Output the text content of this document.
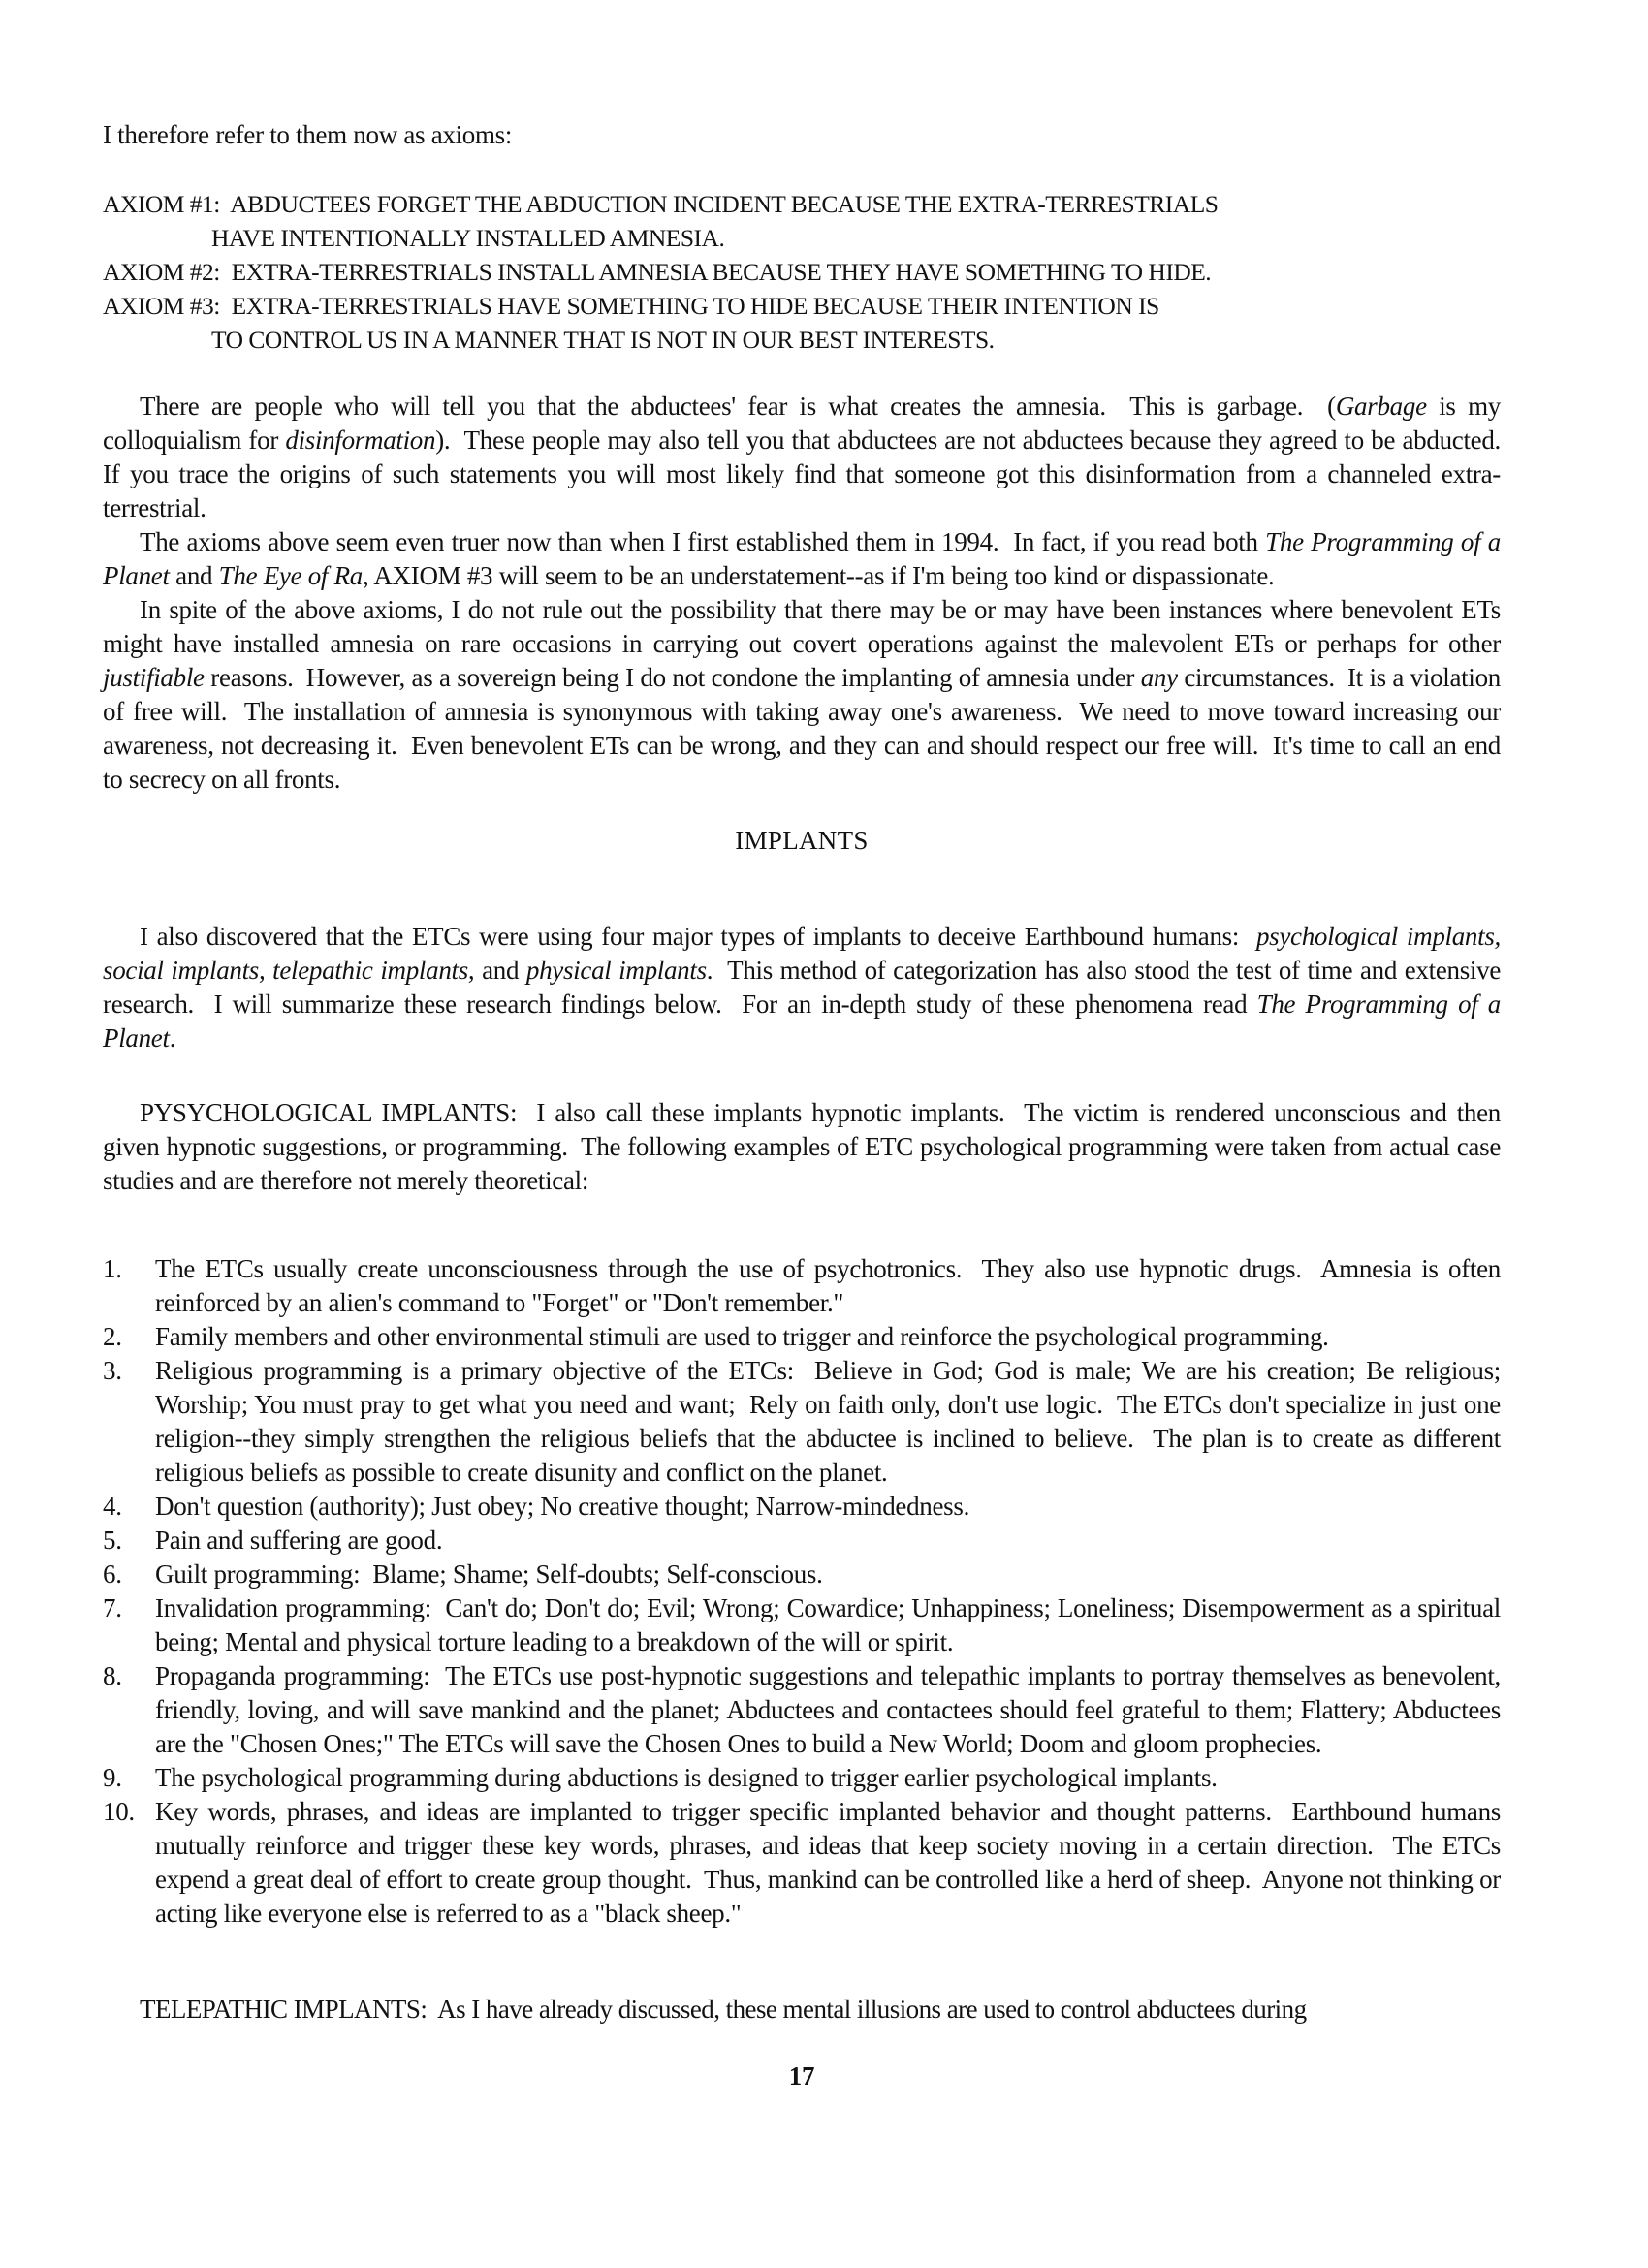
I therefore refer to them now as axioms:
AXIOM #1:  ABDUCTEES FORGET THE ABDUCTION INCIDENT BECAUSE THE EXTRA-TERRESTRIALS
HAVE INTENTIONALLY INSTALLED AMNESIA.
AXIOM #2:  EXTRA-TERRESTRIALS INSTALL AMNESIA BECAUSE THEY HAVE SOMETHING TO HIDE.
AXIOM #3:  EXTRA-TERRESTRIALS HAVE SOMETHING TO HIDE BECAUSE THEIR INTENTION IS
TO CONTROL US IN A MANNER THAT IS NOT IN OUR BEST INTERESTS.
There are people who will tell you that the abductees' fear is what creates the amnesia.  This is garbage.  (Garbage is my colloquialism for disinformation).  These people may also tell you that abductees are not abductees because they agreed to be abducted.  If you trace the origins of such statements you will most likely find that someone got this disinformation from a channeled extra-terrestrial.
The axioms above seem even truer now than when I first established them in 1994.  In fact, if you read both The Programming of a Planet and The Eye of Ra, AXIOM #3 will seem to be an understatement--as if I'm being too kind or dispassionate.
In spite of the above axioms, I do not rule out the possibility that there may be or may have been instances where benevolent ETs might have installed amnesia on rare occasions in carrying out covert operations against the malevolent ETs or perhaps for other justifiable reasons.  However, as a sovereign being I do not condone the implanting of amnesia under any circumstances.  It is a violation of free will.  The installation of amnesia is synonymous with taking away one's awareness.  We need to move toward increasing our awareness, not decreasing it.  Even benevolent ETs can be wrong, and they can and should respect our free will.  It's time to call an end to secrecy on all fronts.
IMPLANTS
I also discovered that the ETCs were using four major types of implants to deceive Earthbound humans:  psychological implants, social implants, telepathic implants, and physical implants.  This method of categorization has also stood the test of time and extensive research.  I will summarize these research findings below.  For an in-depth study of these phenomena read The Programming of a Planet.
PYSYCHOLOGICAL IMPLANTS:  I also call these implants hypnotic implants.  The victim is rendered unconscious and then given hypnotic suggestions, or programming.  The following examples of ETC psychological programming were taken from actual case studies and are therefore not merely theoretical:
1.	The ETCs usually create unconsciousness through the use of psychotronics.  They also use hypnotic drugs.  Amnesia is often reinforced by an alien's command to "Forget" or "Don't remember."
2.	Family members and other environmental stimuli are used to trigger and reinforce the psychological programming.
3.	Religious programming is a primary objective of the ETCs:  Believe in God; God is male; We are his creation; Be religious; Worship; You must pray to get what you need and want;  Rely on faith only, don't use logic.  The ETCs don't specialize in just one religion--they simply strengthen the religious beliefs that the abductee is inclined to believe.  The plan is to create as different religious beliefs as possible to create disunity and conflict on the planet.
4.	Don't question (authority); Just obey; No creative thought; Narrow-mindedness.
5.	Pain and suffering are good.
6.	Guilt programming:  Blame; Shame; Self-doubts; Self-conscious.
7.	Invalidation programming:  Can't do; Don't do; Evil; Wrong; Cowardice; Unhappiness; Loneliness; Disempowerment as a spiritual being; Mental and physical torture leading to a breakdown of the will or spirit.
8.	Propaganda programming:  The ETCs use post-hypnotic suggestions and telepathic implants to portray themselves as benevolent, friendly, loving, and will save mankind and the planet; Abductees and contactees should feel grateful to them; Flattery; Abductees are the "Chosen Ones;" The ETCs will save the Chosen Ones to build a New World; Doom and gloom prophecies.
9.	The psychological programming during abductions is designed to trigger earlier psychological implants.
10. Key words, phrases, and ideas are implanted to trigger specific implanted behavior and thought patterns.  Earthbound humans mutually reinforce and trigger these key words, phrases, and ideas that keep society moving in a certain direction.  The ETCs expend a great deal of effort to create group thought.  Thus, mankind can be controlled like a herd of sheep.  Anyone not thinking or acting like everyone else is referred to as a "black sheep."
TELEPATHIC IMPLANTS:  As I have already discussed, these mental illusions are used to control abductees during
17
